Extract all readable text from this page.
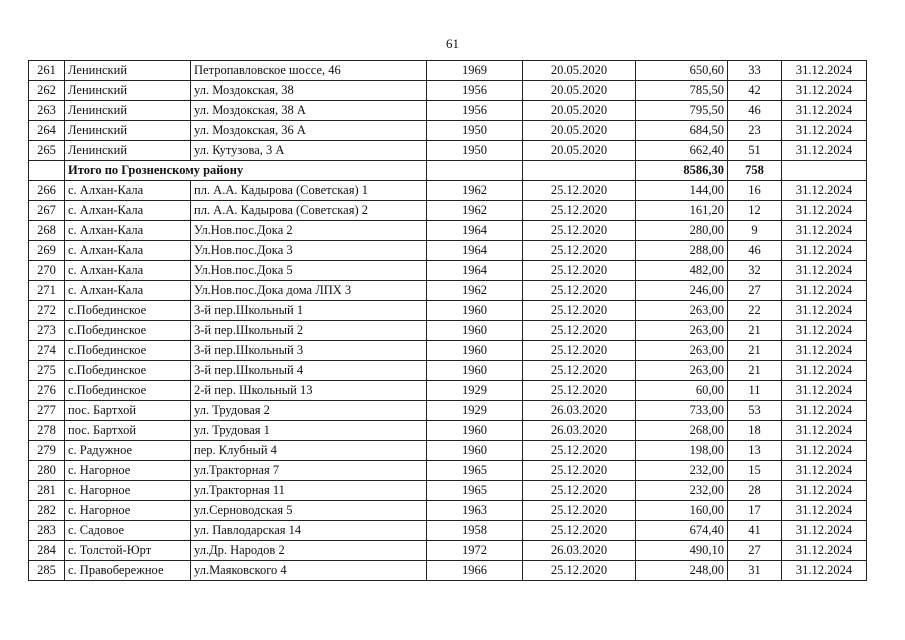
61
261	Ленинский	Петропавловское шоссе, 46	1969	20.05.2020	650,60	33	31.12.2024
262	Ленинский	ул. Моздокская, 38	1956	20.05.2020	785,50	42	31.12.2024
263	Ленинский	ул. Моздокская, 38 А	1956	20.05.2020	795,50	46	31.12.2024
264	Ленинский	ул. Моздокская, 36 А	1950	20.05.2020	684,50	23	31.12.2024
265	Ленинский	ул. Кутузова, 3 А	1950	20.05.2020	662,40	51	31.12.2024
	Итого по Грозненскому району				8586,30	758	
266	с. Алхан-Кала	пл. А.А. Кадырова (Советская) 1	1962	25.12.2020	144,00	16	31.12.2024
267	с. Алхан-Кала	пл. А.А. Кадырова (Советская) 2	1962	25.12.2020	161,20	12	31.12.2024
268	с. Алхан-Кала	Ул.Нов.пос.Дока 2	1964	25.12.2020	280,00	9	31.12.2024
269	с. Алхан-Кала	Ул.Нов.пос.Дока 3	1964	25.12.2020	288,00	46	31.12.2024
270	с. Алхан-Кала	Ул.Нов.пос.Дока 5	1964	25.12.2020	482,00	32	31.12.2024
271	с. Алхан-Кала	Ул.Нов.пос.Дока дома ЛПХ 3	1962	25.12.2020	246,00	27	31.12.2024
272	с.Побединское	3-й пер.Школьный 1	1960	25.12.2020	263,00	22	31.12.2024
273	с.Побединское	3-й пер.Школьный 2	1960	25.12.2020	263,00	21	31.12.2024
274	с.Побединское	3-й пер.Школьный 3	1960	25.12.2020	263,00	21	31.12.2024
275	с.Побединское	3-й пер.Школьный 4	1960	25.12.2020	263,00	21	31.12.2024
276	с.Побединское	2-й пер. Школьный 13	1929	25.12.2020	60,00	11	31.12.2024
277	пос. Бартхой	ул. Трудовая 2	1929	26.03.2020	733,00	53	31.12.2024
278	пос. Бартхой	ул. Трудовая 1	1960	26.03.2020	268,00	18	31.12.2024
279	с. Радужное	пер. Клубный 4	1960	25.12.2020	198,00	13	31.12.2024
280	с. Нагорное	ул.Тракторная 7	1965	25.12.2020	232,00	15	31.12.2024
281	с. Нагорное	ул.Тракторная 11	1965	25.12.2020	232,00	28	31.12.2024
282	с. Нагорное	ул.Серноводская 5	1963	25.12.2020	160,00	17	31.12.2024
283	с. Садовое	ул. Павлодарская 14	1958	25.12.2020	674,40	41	31.12.2024
284	с. Толстой-Юрт	ул.Др. Народов 2	1972	26.03.2020	490,10	27	31.12.2024
285	с. Правобережное	ул.Маяковского 4	1966	25.12.2020	248,00	31	31.12.2024
